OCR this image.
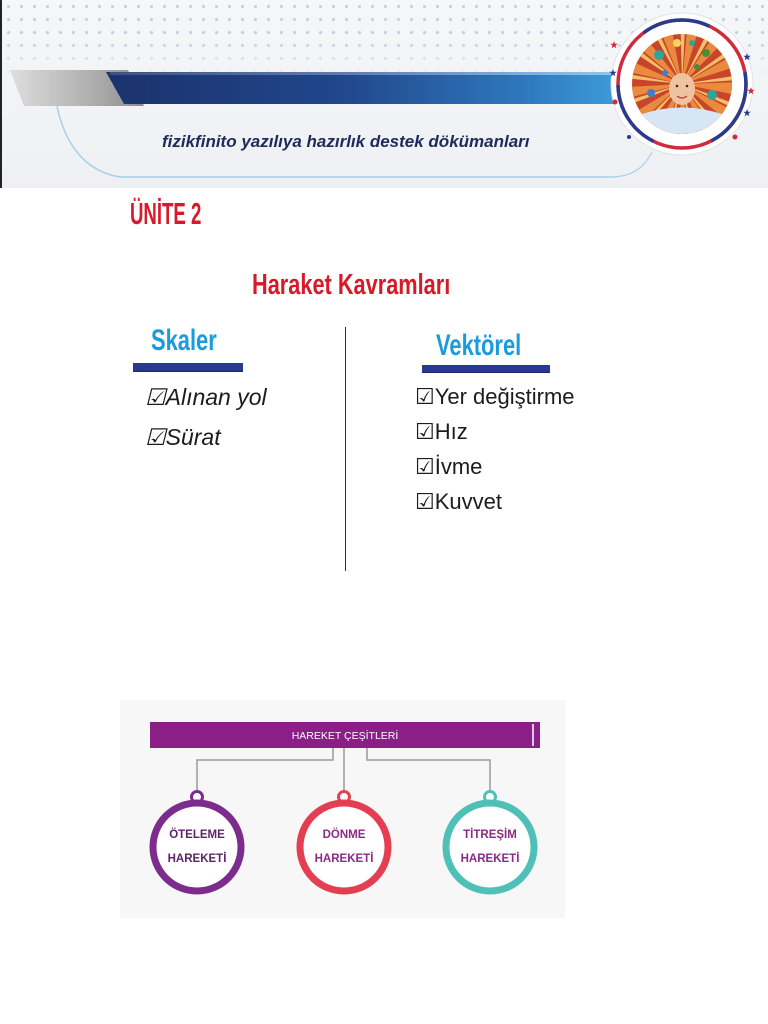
fizikfinito yazılıya hazırlık destek dökümanları
ÜNİTE 2
Haraket Kavramları
Skaler
☑Alınan yol
☑Sürat
Vektörel
☑Yer değiştirme
☑Hız
☑İvme
☑Kuvvet
HAREKET ÇEŞİTLERİ
ÖTELEME
HAREKETİ
DÖNME
HAREKETİ
TİTREŞİM
HAREKETİ
